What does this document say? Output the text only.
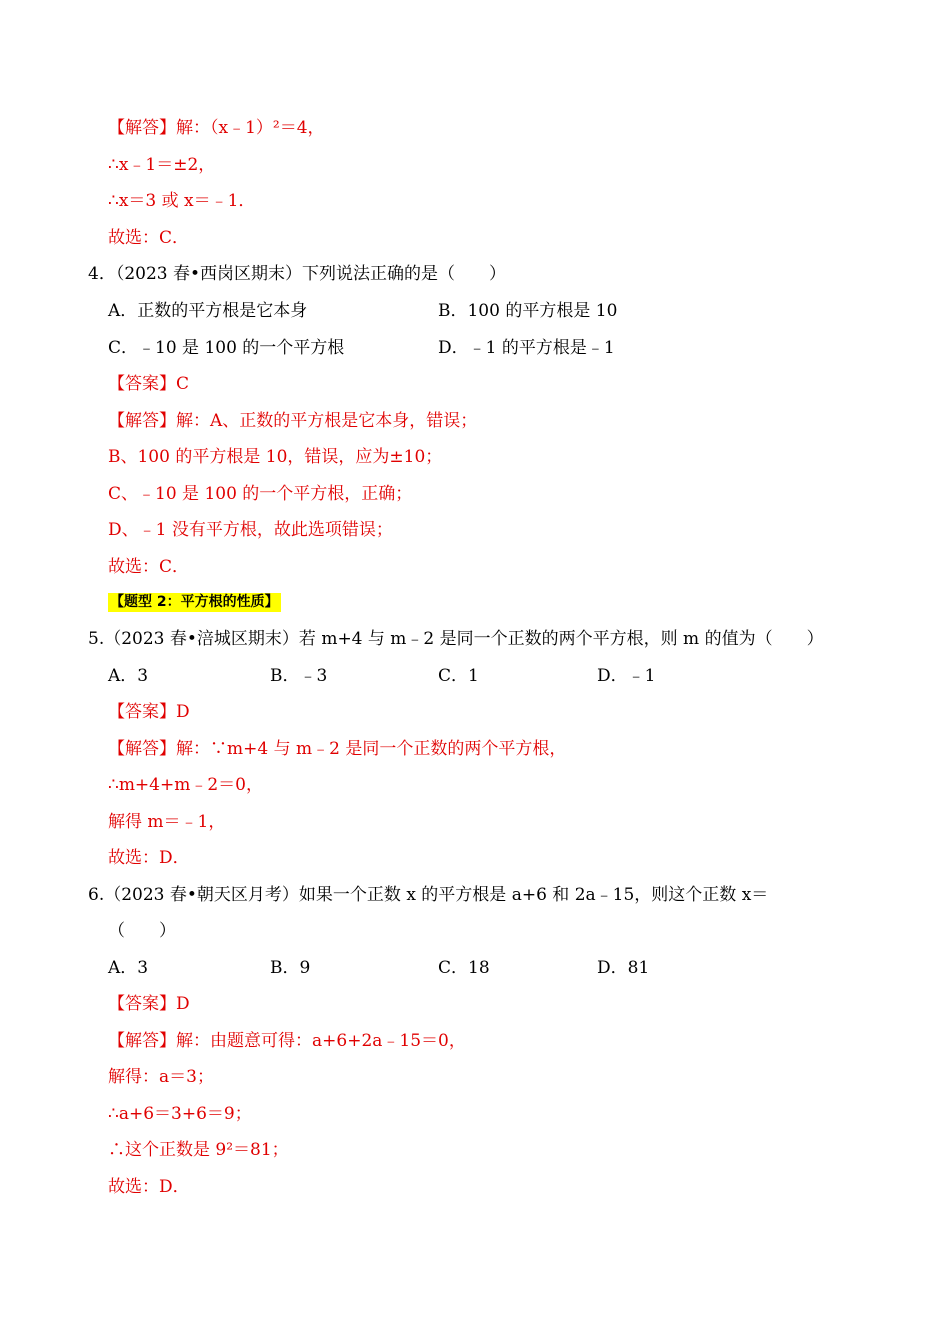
【解答】解：（x﹣1）²＝4，
∴x﹣1＝±2，
∴x＝3 或 x＝﹣1．
故选：C．
4．（2023 春•西岗区期末）下列说法正确的是（　　）
A．正数的平方根是它本身	B．100 的平方根是 10
C．﹣10 是 100 的一个平方根	D．﹣1 的平方根是﹣1
【答案】C
【解答】解：A、正数的平方根是它本身，错误；
B、100 的平方根是 10，错误，应为±10；
C、﹣10 是 100 的一个平方根，正确；
D、﹣1 没有平方根，故此选项错误；
故选：C．
【题型 2：平方根的性质】
5.（2023 春•涪城区期末）若 m+4 与 m﹣2 是同一个正数的两个平方根，则 m 的值为（　　）
A．3	B．﹣3	C．1	D．﹣1
【答案】D
【解答】解：∵m+4 与 m﹣2 是同一个正数的两个平方根，
∴m+4+m﹣2＝0，
解得 m＝﹣1，
故选：D．
6.（2023 春•朝天区月考）如果一个正数 x 的平方根是 a+6 和 2a﹣15，则这个正数 x＝
（　　）
A．3	B．9	C．18	D．81
【答案】D
【解答】解：由题意可得：a+6+2a﹣15＝0，
解得：a＝3；
∴a+6＝3+6＝9；
∴这个正数是 9²＝81；
故选：D．
